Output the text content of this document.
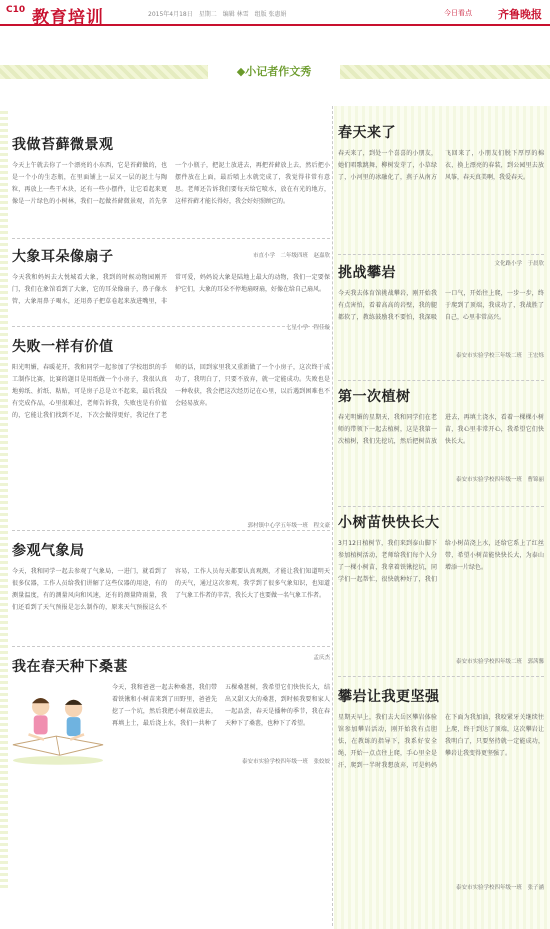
C10 教育培训	2015年4月18日　星期二　编辑 林雪　组版 张惠娟	今日看点 齐鲁晚报
◆小记者作文秀
我做苔藓微景观
今天上午就去你了一个漂亮的小东西，它是苔藓做的，也是一个小的生态瓶，在里面铺上一层又一层的泥土与陶粒，再放上一些干木块，还有一些小摆件，让它看起来更像是一片绿色的小树林，我们一起做苔藓微景观，首先拿一个小瓶子，把泥土放进去，再把苔藓放上去，然后把小摆件放在上面，最后喷上水就完成了，我觉得非常有意思。老师还告诉我们要每天给它喷水，放在有光的地方，这样苔藓才能长得好，我会好好照顾它的。
市直小学　二年级四班　赵嘉欣
大象耳朵像扇子
今天我和妈妈去大悦城看大象，我到的时候动物园刚开门，我们在象馆看到了大象，它的耳朵像扇子，鼻子像水管，大象用鼻子喝水，还用鼻子把草卷起来放进嘴里，非常可爱，妈妈说大象是陆地上最大的动物，我们一定要保护它们，大象的耳朵不停地扇呀扇，好像在给自己扇风。
七星小学　程佳璇
失败一样有价值
阳光明媚，春暖花开，我和同学一起参加了学校组织的手工制作比赛，比赛的题目是用纸做一个小房子，我很认真地剪纸、折纸、粘贴，可是房子总是立不起来，最后我没有完成作品，心里很难过，老师告诉我，失败也是有价值的，它能让我们找到不足，下次会做得更好，我记住了老师的话，回到家里我又重新做了一个小房子，这次终于成功了，我明白了，只要不放弃，就一定能成功。失败也是一种收获，我会把这次经历记在心里，以后遇到困难也不会轻易放弃。
郭村镇中心学五年级一班　程文豪
参观气象局
今天，我和同学一起去参观了气象局，一进门，就看到了很多仪器，工作人员给我们讲解了这些仪器的用途，有的测量温度，有的测量风向和风速，还有的测量降雨量，我们还看到了天气预报是怎么制作的，原来天气预报这么不容易，工作人员每天都要认真观测，才能让我们知道明天的天气，通过这次参观，我学到了很多气象知识，也知道了气象工作者的辛苦，我长大了也要做一名气象工作者。
孟庆杰
我在春天种下桑葚
今天，我和爸爸一起去种桑葚，我们带着铁锹和小树苗来到了田野里，爸爸先挖了一个坑，然后我把小树苗放进去，再填上土，最后浇上水，我们一共种了五棵桑葚树，我希望它们快快长大，结出又甜又大的桑葚，到时候我要和家人一起品尝，春天是播种的季节，我在春天种下了桑葚，也种下了希望。
泰安市实验学校四年级一班　张姣姣
春天来了
春天来了，到处一个喜喜的小朋友，她们唱歌跳舞，柳树发芽了，小草绿了，小河里的冰融化了，燕子从南方飞回来了，小朋友们脱下厚厚的棉衣，换上漂亮的春装，到公园里去放风筝，春天真美啊，我爱春天。
文化路小学　于晨欣
挑战攀岩
今天我去体育馆挑战攀岩，刚开始我有点害怕，看着高高的岩壁，我的腿都软了，教练鼓励我不要怕，我深吸一口气，开始往上爬，一步一步，终于爬到了顶端，我成功了，我战胜了自己，心里非常高兴。
泰安市实验学校三年级二班　王宏烁
第一次植树
春光明媚的星期天，我和同学们在老师的带领下一起去植树，这是我第一次植树，我们先挖坑，然后把树苗放进去，再填土浇水，看着一棵棵小树苗，我心里非常开心，我希望它们快快长大。
泰安市实验学校四年级一班　曹锦丽
小树苗快快长大
3月12日植树节，我们来到泰山脚下参加植树活动，老师给我们每个人分了一棵小树苗，我拿着铁锹挖坑，同学们一起帮忙，很快就种好了，我们给小树苗浇上水，还给它系上了红丝带，希望小树苗能快快长大，为泰山增添一片绿色。
泰安市实验学校四年级二班　郭茜馨
攀岩让我更坚强
星期天早上，我们去大岳区攀岩体验馆参加攀岩活动，刚开始我有点胆怯，在教练的指导下，我系好安全绳，开始一点点往上爬，手心里全是汗，爬到一半时我想放弃，可是妈妈在下面为我加油，我咬紧牙关继续往上爬，终于到达了顶端，这次攀岩让我明白了，只要坚持就一定能成功，攀岩让我变得更坚强了。
泰安市实验学校四年级一班　张子涵
